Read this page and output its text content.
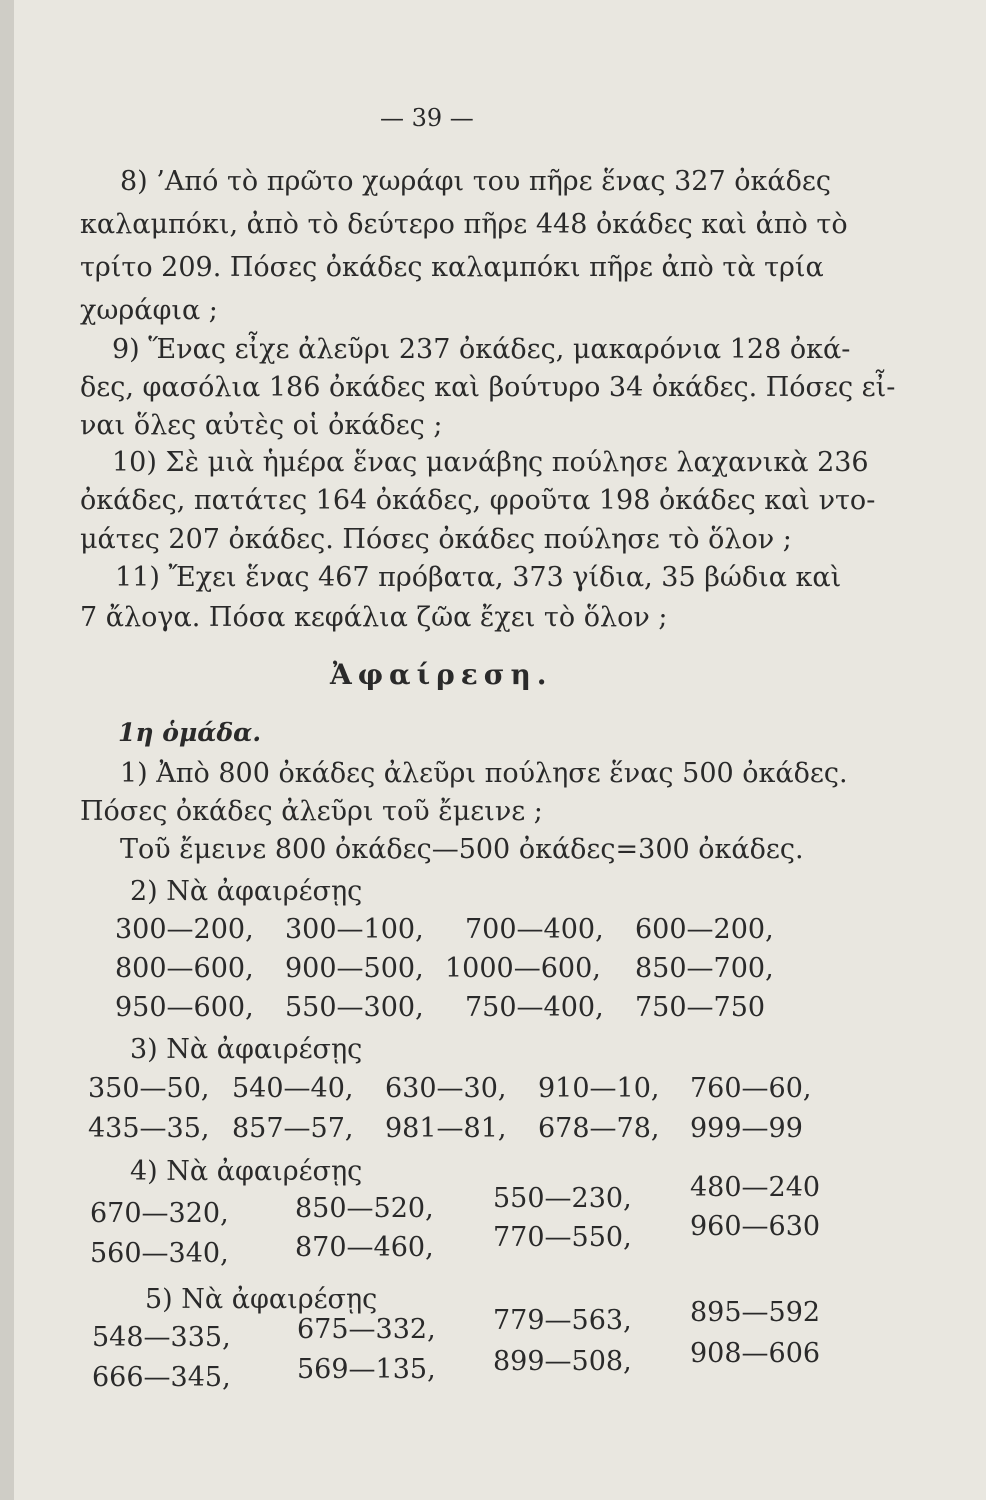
— 39 —
8) ’Από τὸ πρῶτο χωράφι του πῆρε ἕνας 327 ὀκάδες
καλαμπόκι, ἀπὸ τὸ δεύτερο πῆρε 448 ὀκάδες καὶ ἀπὸ τὸ
τρίτο 209. Πόσες ὀκάδες καλαμπόκι πῆρε ἀπὸ τὰ τρία
χωράφια ;
9) Ἕνας εἶχε ἀλεῦρι 237 ὀκάδες, μακαρόνια 128 ὀκά-
δες, φασόλια 186 ὀκάδες καὶ βούτυρο 34 ὀκάδες. Πόσες εἶ-
ναι ὅλες αὐτὲς οἱ ὀκάδες ;
10) Σὲ μιὰ ἡμέρα ἕνας μανάβης πούλησε λαχανικὰ 236
ὀκάδες, πατάτες 164 ὀκάδες, φροῦτα 198 ὀκάδες καὶ ντο-
μάτες 207 ὀκάδες. Πόσες ὀκάδες πούλησε τὸ ὅλον ;
11) Ἔχει ἕνας 467 πρόβατα, 373 γίδια, 35 βώδια καὶ
7 ἄλογα. Πόσα κεφάλια ζῶα ἔχει τὸ ὅλον ;
Ἀφαίρεση.
1η ὁμάδα.
1) Ἀπὸ 800 ὀκάδες ἀλεῦρι πούλησε ἕνας 500 ὀκάδες.
Πόσες ὀκάδες ἀλεῦρι τοῦ ἔμεινε ;
Τοῦ ἔμεινε 800 ὀκάδες—500 ὀκάδες=300 ὀκάδες.
2) Νὰ ἀφαιρέσῃς
300—200, 300—100, 700—400, 600—200,
800—600, 900—500, 1000—600, 850—700,
950—600, 550—300, 750—400, 750—750
3) Νὰ ἀφαιρέσῃς
350—50, 540—40, 630—30, 910—10, 760—60,
435—35, 857—57, 981—81, 678—78, 999—99
4) Νὰ ἀφαιρέσῃς
670—320, 850—520, 550—230, 480—240
560—340, 870—460, 770—550, 960—630
5) Νὰ ἀφαιρέσῃς
548—335, 675—332, 779—563, 895—592
666—345, 569—135, 899—508, 908—606
